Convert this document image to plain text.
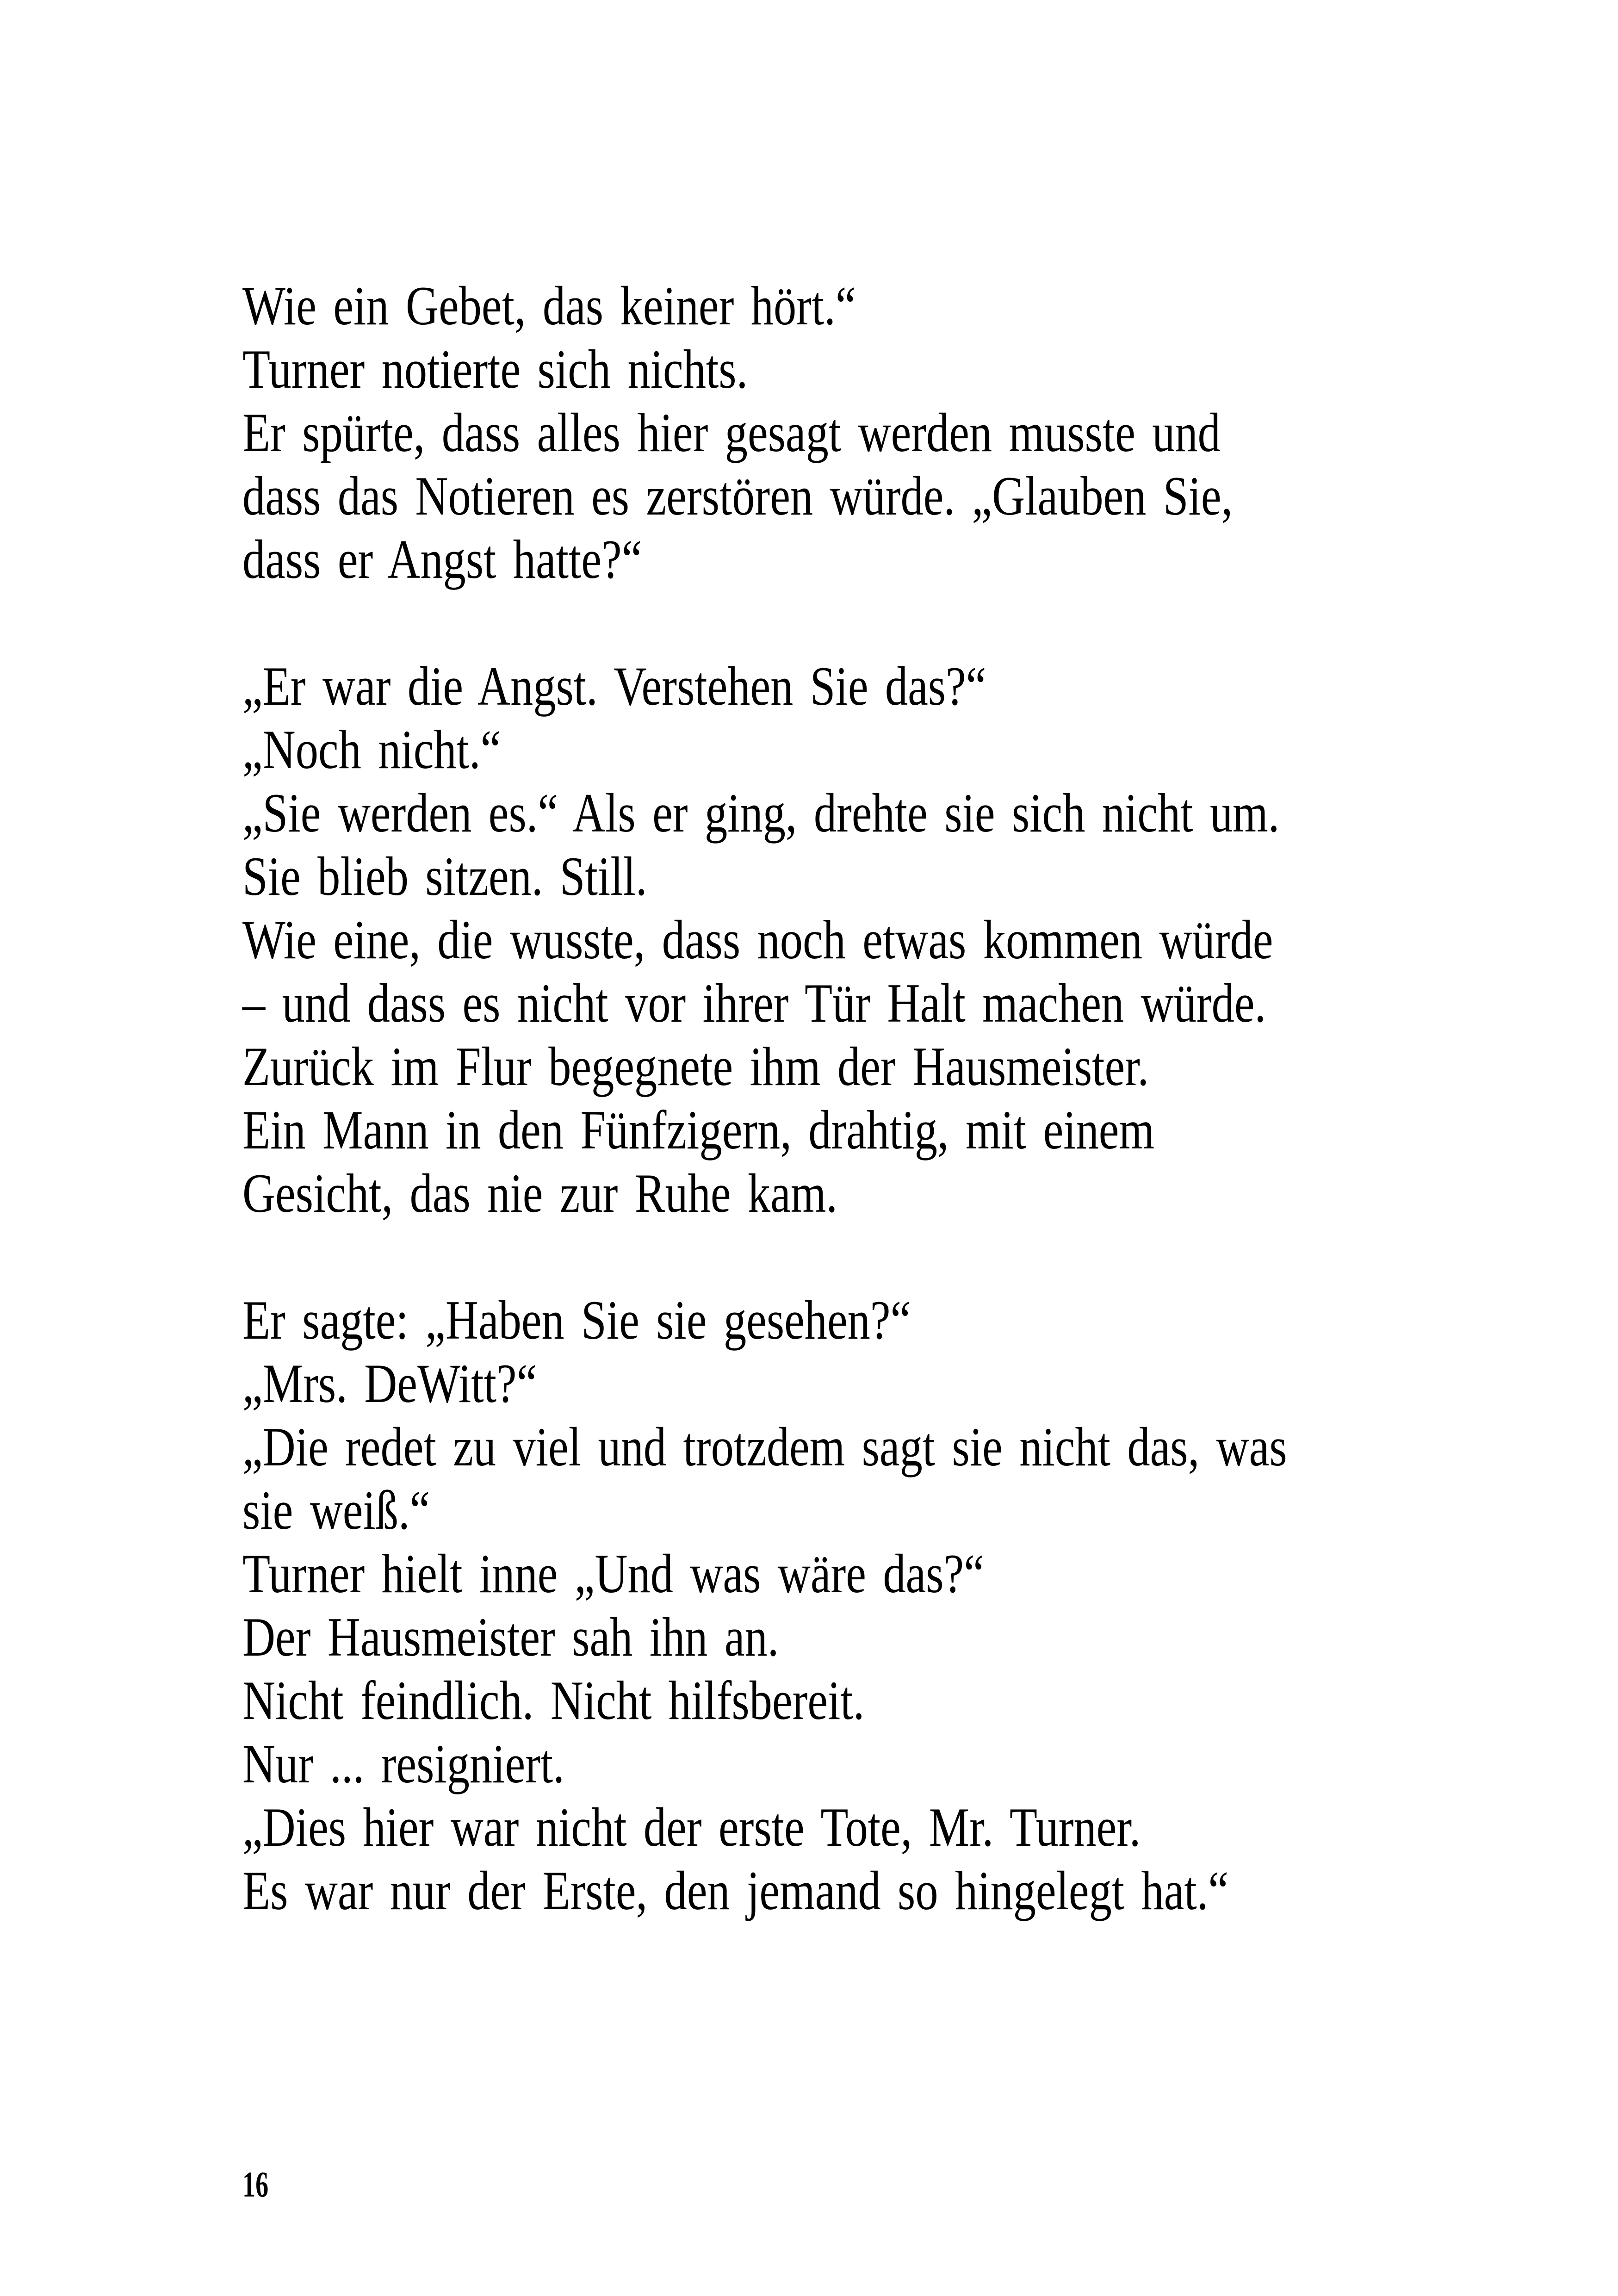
Wie ein Gebet, das keiner hört.“
Turner notierte sich nichts.
Er spürte, dass alles hier gesagt werden musste und
dass das Notieren es zerstören würde. „Glauben Sie,
dass er Angst hatte?“
„Er war die Angst. Verstehen Sie das?“
„Noch nicht.“
„Sie werden es.“ Als er ging, drehte sie sich nicht um.
Sie blieb sitzen. Still.
Wie eine, die wusste, dass noch etwas kommen würde
– und dass es nicht vor ihrer Tür Halt machen würde.
Zurück im Flur begegnete ihm der Hausmeister.
Ein Mann in den Fünfzigern, drahtig, mit einem
Gesicht, das nie zur Ruhe kam.
Er sagte: „Haben Sie sie gesehen?“
„Mrs. DeWitt?“
„Die redet zu viel und trotzdem sagt sie nicht das, was
sie weiß.“
Turner hielt inne „Und was wäre das?“
Der Hausmeister sah ihn an.
Nicht feindlich. Nicht hilfsbereit.
Nur ... resigniert.
„Dies hier war nicht der erste Tote, Mr. Turner.
Es war nur der Erste, den jemand so hingelegt hat.“
16
